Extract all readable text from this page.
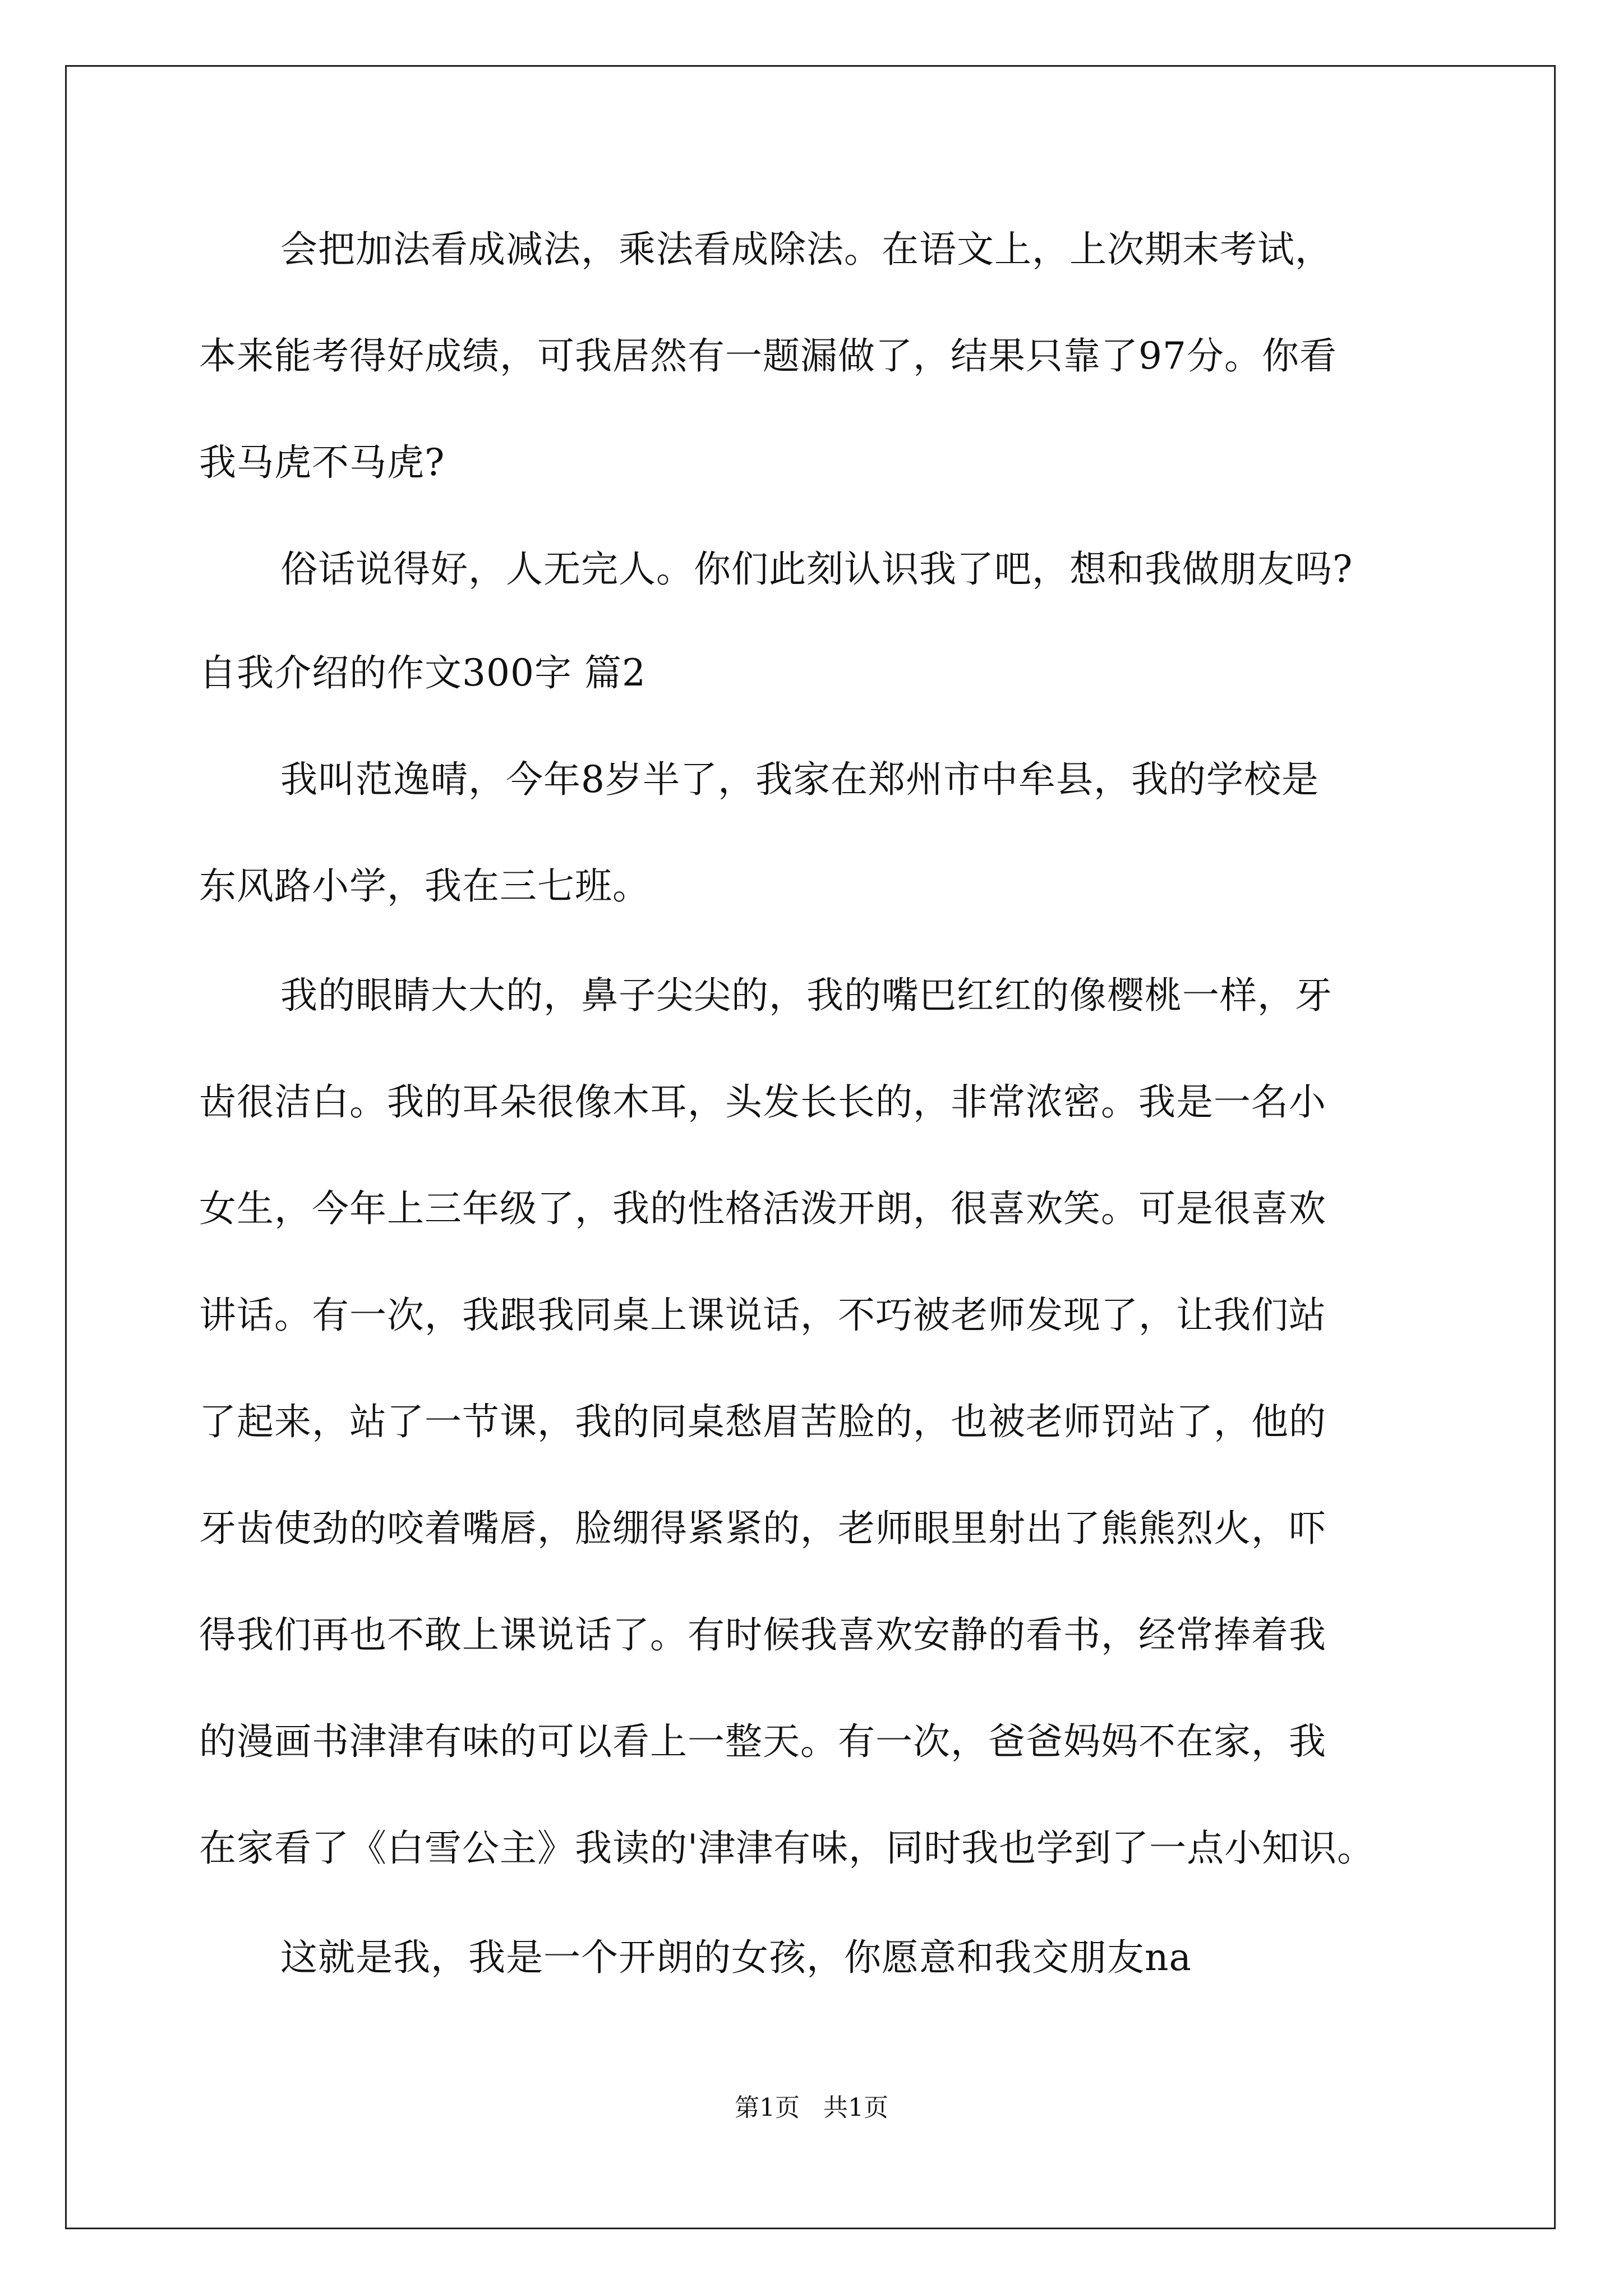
会把加法看成减法，乘法看成除法。在语文上，上次期末考试，
本来能考得好成绩，可我居然有一题漏做了，结果只靠了97分。你看
我马虎不马虎?
俗话说得好，人无完人。你们此刻认识我了吧，想和我做朋友吗?
自我介绍的作文300字 篇2
我叫范逸晴，今年8岁半了，我家在郑州市中牟县，我的学校是
东风路小学，我在三七班。
我的眼睛大大的，鼻子尖尖的，我的嘴巴红红的像樱桃一样，牙
齿很洁白。我的耳朵很像木耳，头发长长的，非常浓密。我是一名小
女生，今年上三年级了，我的性格活泼开朗，很喜欢笑。可是很喜欢
讲话。有一次，我跟我同桌上课说话，不巧被老师发现了，让我们站
了起来，站了一节课，我的同桌愁眉苦脸的，也被老师罚站了，他的
牙齿使劲的咬着嘴唇，脸绷得紧紧的，老师眼里射出了熊熊烈火，吓
得我们再也不敢上课说话了。有时候我喜欢安静的看书，经常捧着我
的漫画书津津有味的可以看上一整天。有一次，爸爸妈妈不在家，我
在家看了《白雪公主》我读的'津津有味，同时我也学到了一点小知识。
这就是我，我是一个开朗的女孩，你愿意和我交朋友na
第1页   共1页
